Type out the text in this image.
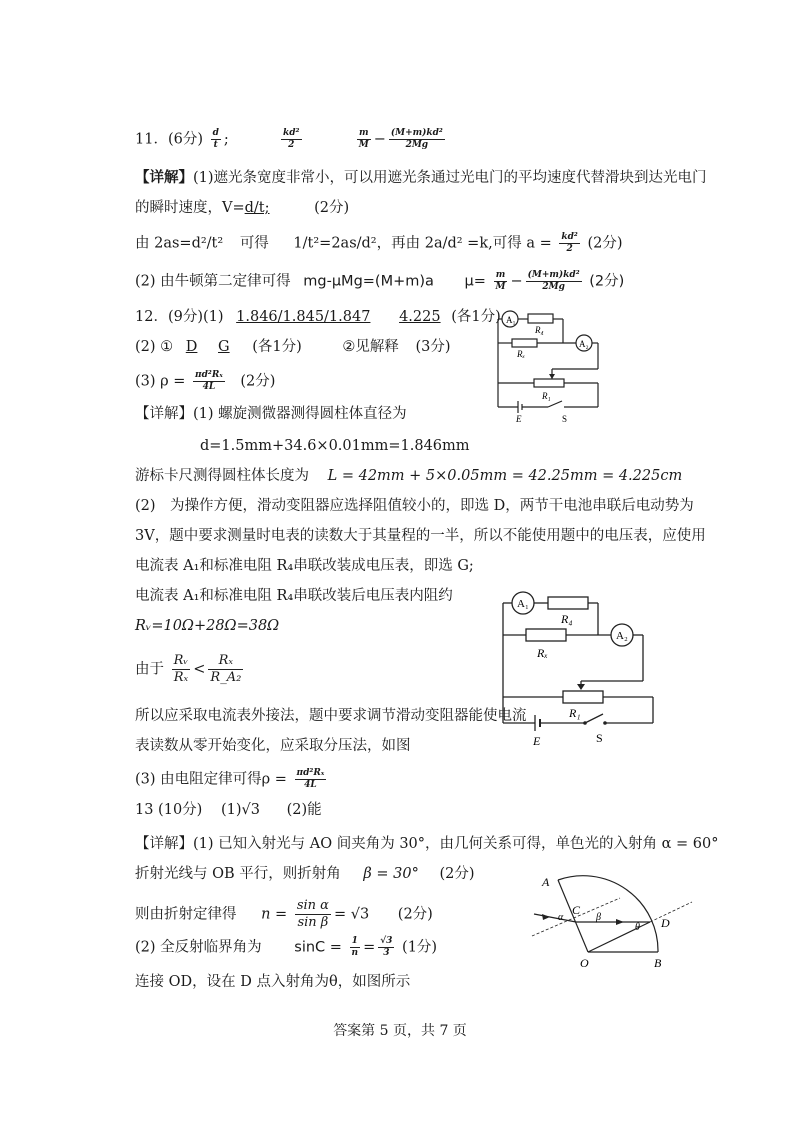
11．(6分) $\frac{d}{t}$ ;	$\frac{\text{kd²}}{2}$
	$\frac{m}{M} - \frac{\text{(M+m)kd²}}{2Mg}$
【详解】(1)遮光条宽度非常小，可以用遮光条通过光电门的平均速度代替滑块到达光电门
的瞬时速度，V=d/t;	(2分)
由 2as=d²/t² 可得 1/t²=2as/d²，再由 2a/d² =k,可得 $a = \frac{\text{kd²}}{2} (2$分)
(2) 由牛顿第二定律可得 mg-μMg=(M+m)a $\mu= \frac{m}{M} - \frac{\text{(M+m)kd²}}{2Mg} (2$分)
12．(9分)(1) 1.846/1.845/1.847 4.225 (各1分)
(2) ① D G (各1分)	②见解释 (3分)
(3) $\rho = \frac{\text{πd²Rₓ}}{4L} (2$分)
【详解】(1) 螺旋测微器测得圆柱体直径为
d=1.5mm+34.6×0.01mm=1.846mm
游标卡尺测得圆柱体长度为 L = 42mm + 5×0.05mm = 42.25mm = 4.225cm
(2)　为操作方便，滑动变阻器应选择阻值较小的，即选 D，两节干电池串联后电动势为
3V，题中要求测量时电表的读数大于其量程的一半，所以不能使用题中的电压表，应使用
电流表 A₁和标准电阻 R₄串联改装成电压表，即选 G;
电流表 A₁和标准电阻 R₄串联改装后电压表内阻约
Rᵥ=10Ω+28Ω=38Ω
由于 $\frac{\text{Rᵥ}}{\text{Rₓ}} < \frac{\text{Rₓ}}{\text{R\_A₂}}$
所以应采取电流表外接法，题中要求调节滑动变阻器能使电流
表读数从零开始变化，应采取分压法，如图
(3) 由电阻定律可得$\rho = \frac{\text{πd²Rₓ}}{4L}$
A₁
R₄
Rₓ
A₂
R₁
E	S
A₁
R₄
Rₓ
A₂
R₁
E	S
13 (10分) (1)√3 (2)能
【详解】(1) 已知入射光与 AO 间夹角为 30°，由几何关系可得，单色光的入射角 α = 60°
折射光线与 OB 平行，则折射角 β = 30° (2分)
则由折射定律得 $n = \frac{\text{sin α}}{\text{sin β}} = √3$ (2分)
(2) 全反射临界角为 $\sin C = \frac{1}{n} = \frac{√3}{3} (1$分)
连接 OD，设在 D 点入射角为θ，如图所示
A
C
D
O	B
α	β
θ
答案第 5 页，共 7 页
